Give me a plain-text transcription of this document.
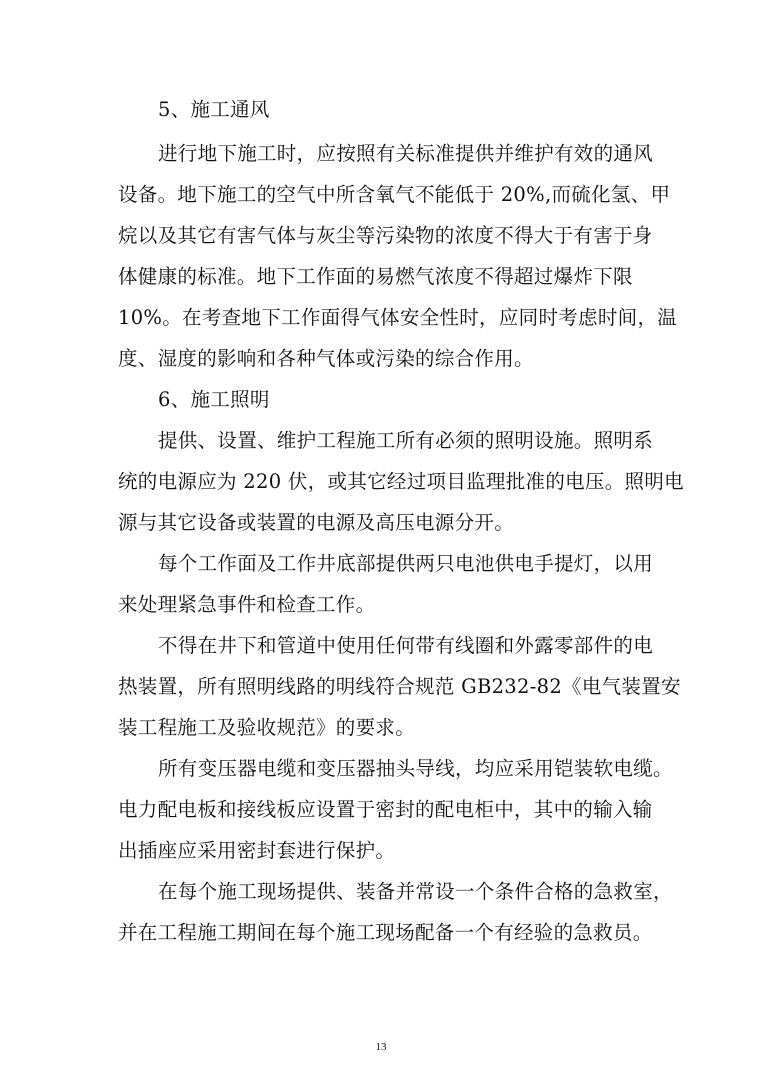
5、施工通风
进行地下施工时，应按照有关标准提供并维护有效的通风
设备。地下施工的空气中所含氧气不能低于 20%,而硫化氢、甲
烷以及其它有害气体与灰尘等污染物的浓度不得大于有害于身
体健康的标准。地下工作面的易燃气浓度不得超过爆炸下限
10%。在考查地下工作面得气体安全性时，应同时考虑时间，温
度、湿度的影响和各种气体或污染的综合作用。
6、施工照明
提供、设置、维护工程施工所有必须的照明设施。照明系
统的电源应为 220 伏，或其它经过项目监理批准的电压。照明电
源与其它设备或装置的电源及高压电源分开。
每个工作面及工作井底部提供两只电池供电手提灯，以用
来处理紧急事件和检查工作。
不得在井下和管道中使用任何带有线圈和外露零部件的电
热装置，所有照明线路的明线符合规范 GB232-82《电气装置安
装工程施工及验收规范》的要求。
所有变压器电缆和变压器抽头导线，均应采用铠装软电缆。
电力配电板和接线板应设置于密封的配电柜中，其中的输入输
出插座应采用密封套进行保护。
在每个施工现场提供、装备并常设一个条件合格的急救室，
并在工程施工期间在每个施工现场配备一个有经验的急救员。
13
